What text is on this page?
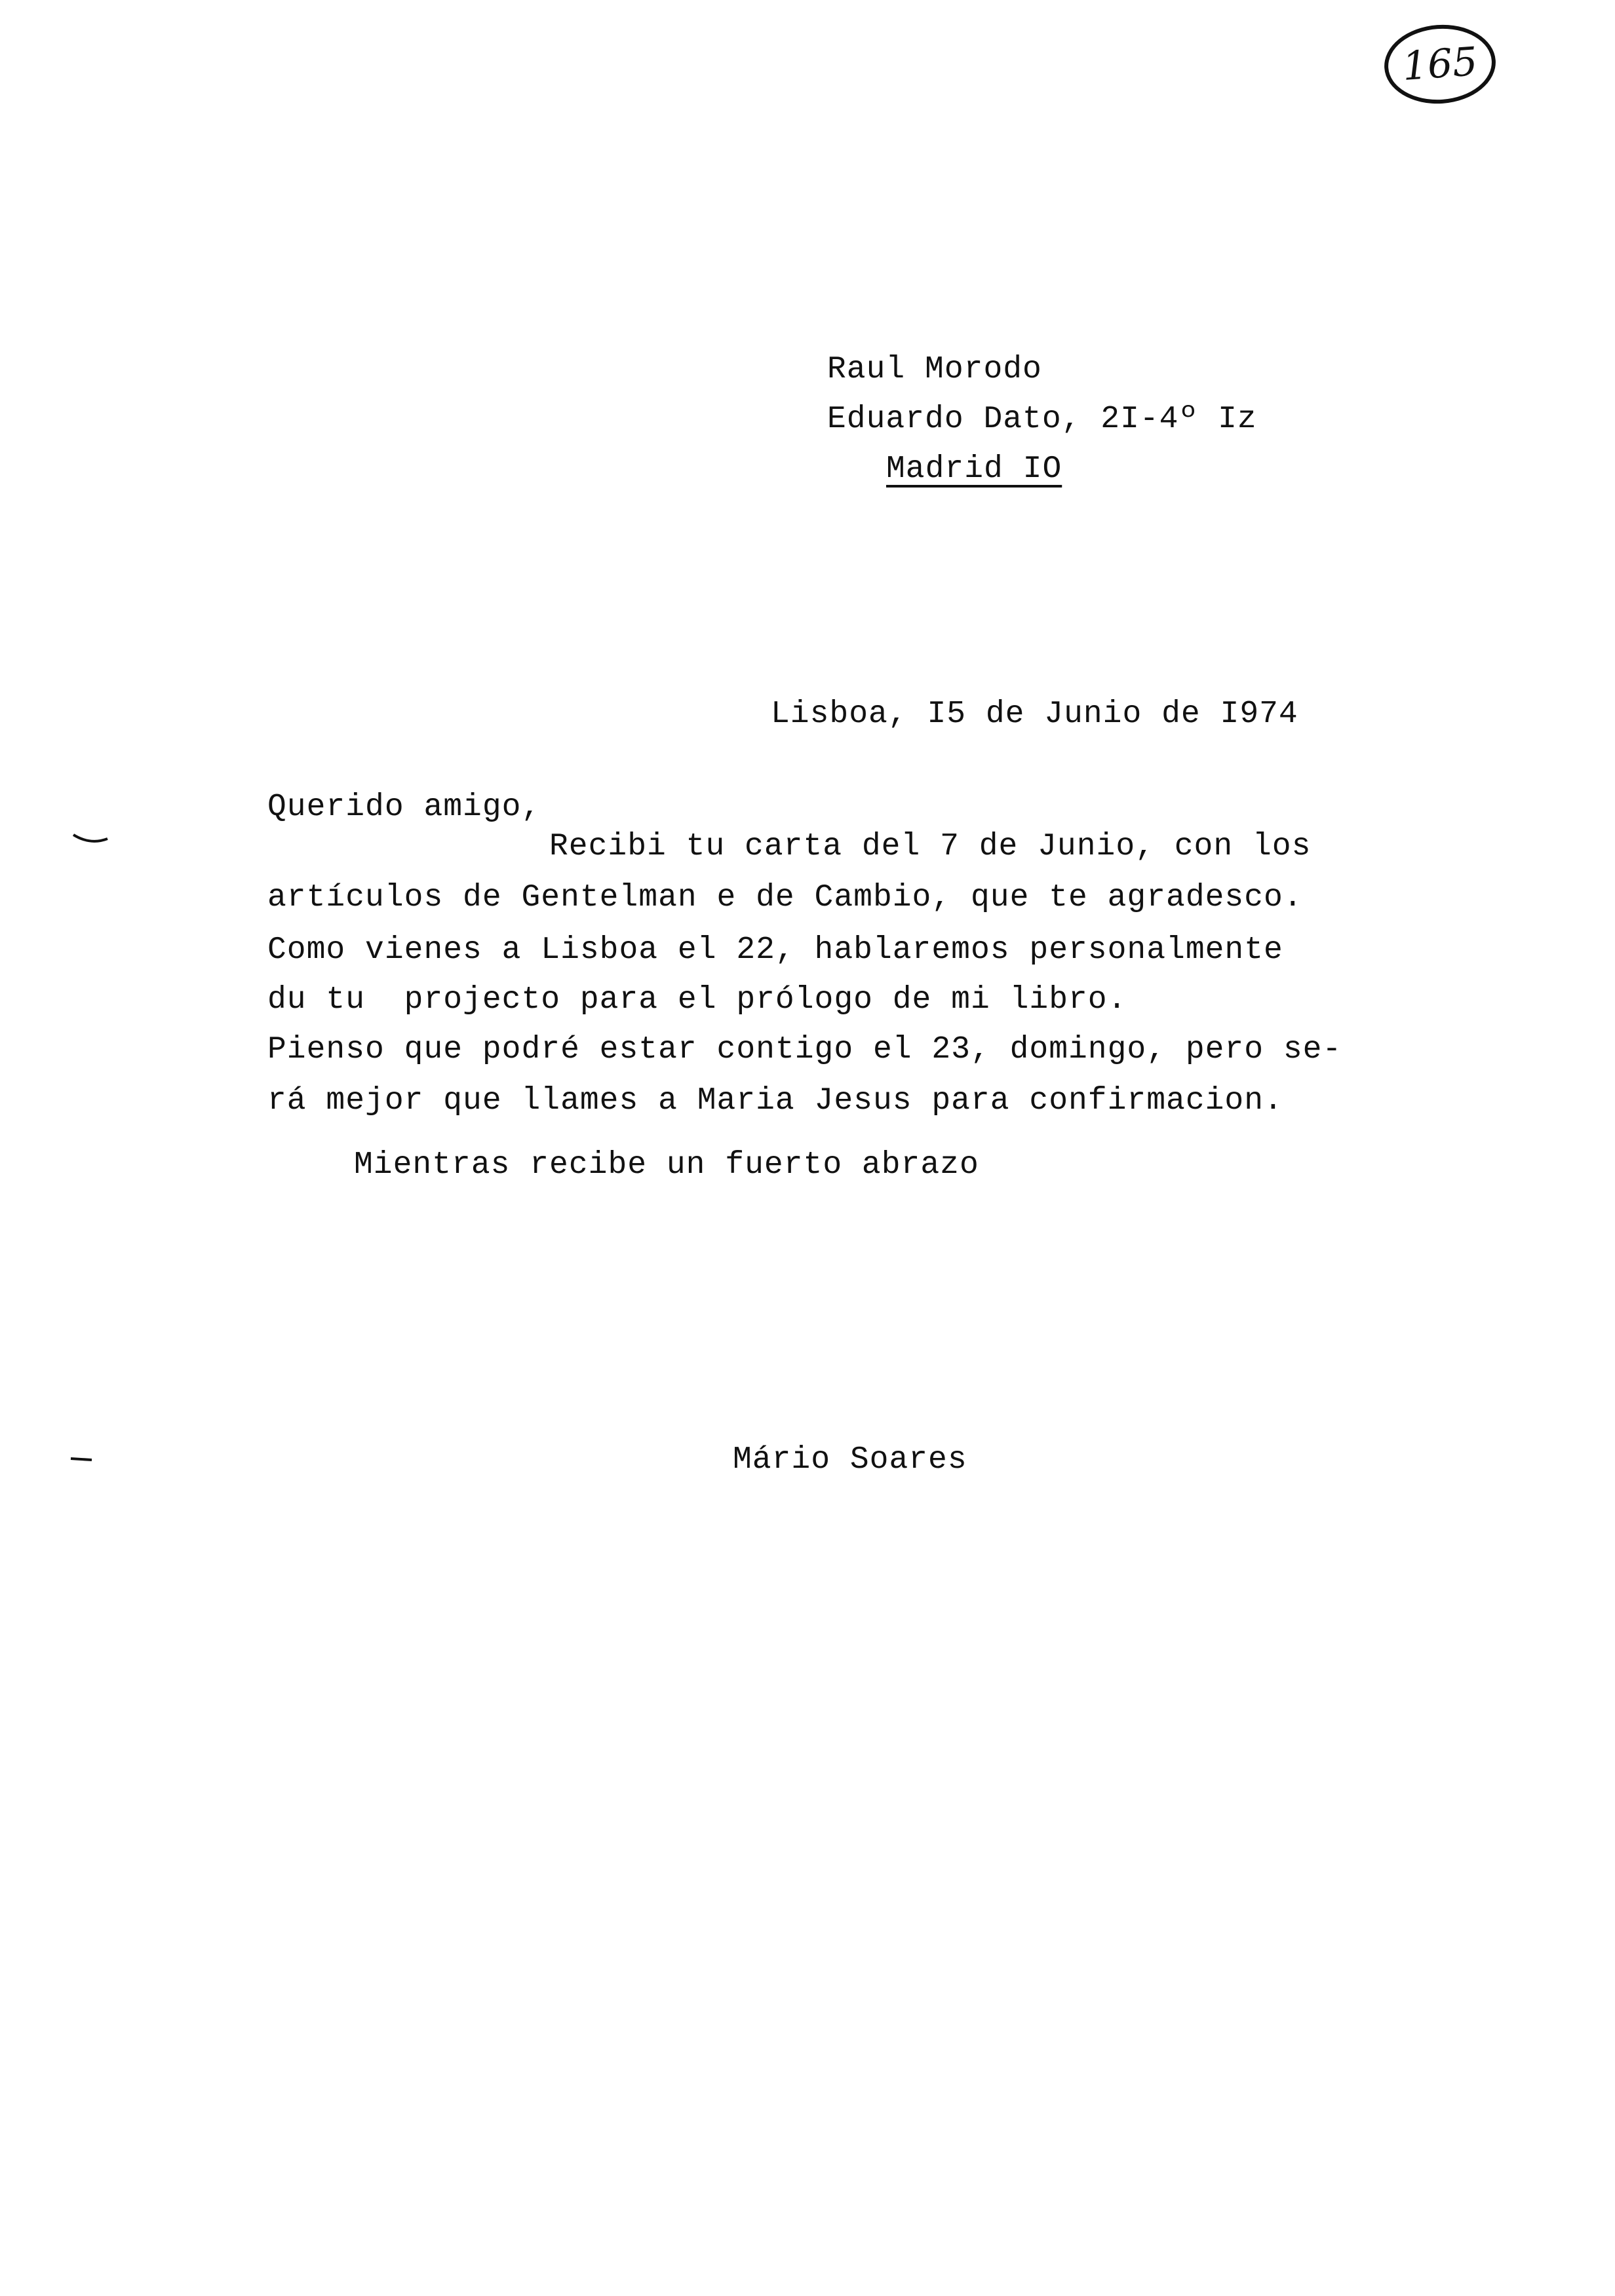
165
Raul Morodo
Eduardo Dato, 2I-4º Iz
Madrid IO
Lisboa, I5 de Junio de I974
Querido amigo,
Recibi tu carta del 7 de Junio, con los
artículos de Gentelman e de Cambio, que te agradesco.
Como vienes a Lisboa el 22, hablaremos personalmente
du tu  projecto para el prólogo de mi libro.
Pienso que podré estar contigo el 23, domingo, pero se-
rá mejor que llames a Maria Jesus para confirmacion.
Mientras recibe un fuerto abrazo
Mário Soares
